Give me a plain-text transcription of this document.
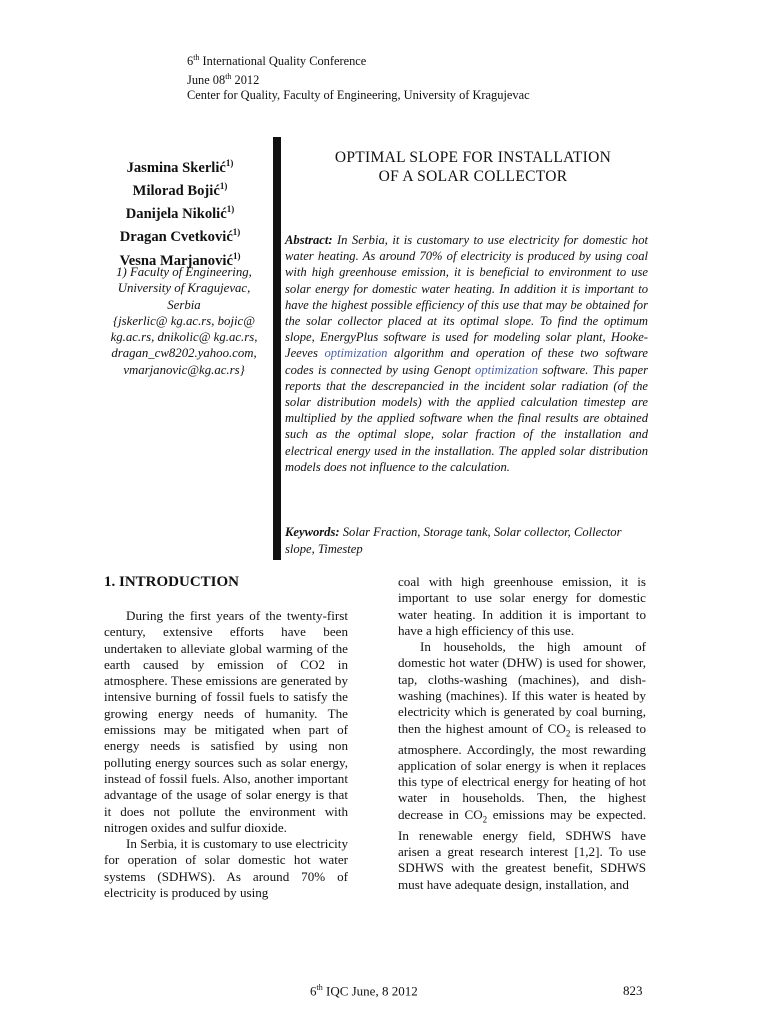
6th International Quality Conference
June 08th 2012
Center for Quality, Faculty of Engineering, University of Kragujevac
OPTIMAL SLOPE FOR INSTALLATION
OF A SOLAR COLLECTOR
Jasmina Skerlić$^{1)}$
Milorad Bojić$^{1)}$
Danijela Nikolić$^{1)}$
Dragan Cvetković$^{1)}$
Vesna Marjanović$^{1)}$
1) Faculty of Engineering,
University of Kragujevac,
Serbia
{jskerlic@ kg.ac.rs, bojic@
kg.ac.rs, dnikolic@ kg.ac.rs,
dragan_cw8202.yahoo.com,
vmarjanovic@kg.ac.rs}
Abstract: In Serbia, it is customary to use electricity for domestic hot water heating. As around 70% of electricity is produced by using coal with high greenhouse emission, it is beneficial to environment to use solar energy for domestic water heating. In addition it is important to have the highest possible efficiency of this use that may be obtained for the solar collector placed at its optimal slope. To find the optimum slope, EnergyPlus software is used for modeling solar plant, Hooke-Jeeves optimization algorithm and operation of these two software codes is connected by using Genopt optimization software. This paper reports that the descrepancied in the incident solar radiation (of the solar distribution models) with the applied calculation timestep are multiplied by the applied software when the final results are obtained such as the optimal slope, solar fraction of the installation and electrical energy used in the installation. The appled solar distribution models does not influence to the calculation.
Keywords: Solar Fraction, Storage tank, Solar collector, Collector slope, Timestep
1. INTRODUCTION

During the first years of the twenty-first century, extensive efforts have been undertaken to alleviate global warming of the earth caused by emission of CO2 in atmosphere. These emissions are generated by intensive burning of fossil fuels to satisfy the growing energy needs of humanity. The emissions may be mitigated when part of energy needs is satisfied by using non polluting energy sources such as solar energy, instead of fossil fuels. Also, another important advantage of the usage of solar energy is that it does not pollute the environment with nitrogen oxides and sulfur dioxide.

In Serbia, it is customary to use electricity for operation of solar domestic hot water systems (SDHWS). As around 70% of electricity is produced by using

coal with high greenhouse emission, it is important to use solar energy for domestic water heating. In addition it is important to have a high efficiency of this use.

In households, the high amount of domestic hot water (DHW) is used for shower, tap, cloths-washing (machines), and dish-washing (machines). If this water is heated by electricity which is generated by coal burning, then the highest amount of $CO_2$ is released to atmosphere. Accordingly, the most rewarding application of solar energy is when it replaces this type of electrical energy for heating of hot water in households. Then, the highest decrease in $CO_2$ emissions may be expected. In renewable energy field, SDHWS have arisen a great research interest [1,2]. To use SDHWS with the greatest benefit, SDHWS must have adequate design, installation, and

6th IQC June, 8 2012	823
